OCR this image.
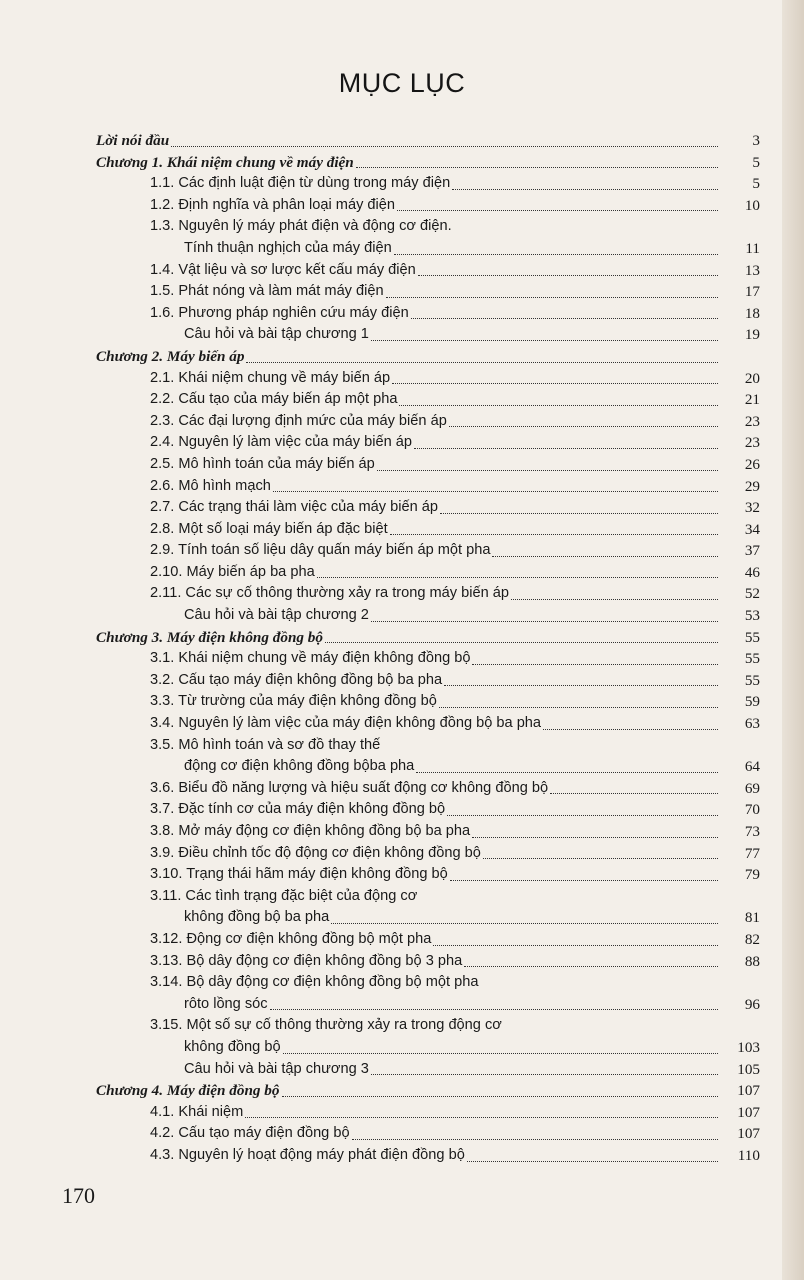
MỤC LỤC
Lời nói đầu	3
Chương 1. Khái niệm chung về máy điện	5
1.1. Các định luật điện từ dùng trong máy điện	5
1.2. Định nghĩa và phân loại máy điện	10
1.3. Nguyên lý máy phát điện và động cơ điện.
Tính thuận nghịch của máy điện	11
1.4. Vật liệu và sơ lược kết cấu máy điện	13
1.5. Phát nóng và làm mát máy điện	17
1.6. Phương pháp nghiên cứu máy điện	18
Câu hỏi và bài tập chương 1	19
Chương 2. Máy biến áp
2.1. Khái niệm chung về máy biến áp	20
2.2. Cấu tạo của máy biến áp một pha	21
2.3. Các đại lượng định mức của máy biến áp	23
2.4. Nguyên lý làm việc của máy biến áp	23
2.5. Mô hình toán của máy biến áp	26
2.6. Mô hình mạch	29
2.7. Các trạng thái làm việc của máy biến áp	32
2.8. Một số loại máy biến áp đặc biệt	34
2.9. Tính toán số liệu dây quấn máy biến áp một pha	37
2.10. Máy biến áp ba pha	46
2.11. Các sự cố thông thường xảy ra trong máy biến áp	52
Câu hỏi và bài tập chương 2	53
Chương 3. Máy điện không đồng bộ	55
3.1. Khái niệm chung về máy điện không đồng bộ	55
3.2. Cấu tạo máy điện không đồng bộ ba pha	55
3.3. Từ trường của máy điện không đồng bộ	59
3.4. Nguyên lý làm việc của máy điện không đồng bộ ba pha	63
3.5. Mô hình toán và sơ đồ thay thế
động cơ điện không đồng bộba pha	64
3.6. Biểu đồ năng lượng và hiệu suất động cơ không đồng bộ	69
3.7. Đặc tính cơ của máy điện không đồng bộ	70
3.8. Mở máy động cơ điện không đồng bộ ba pha	73
3.9. Điều chỉnh tốc độ động cơ điện không đồng bộ	77
3.10. Trạng thái hãm máy điện không đồng bộ	79
3.11. Các tình trạng đặc biệt của động cơ
không đồng bộ ba pha	81
3.12. Động cơ điện không đồng bộ một pha	82
3.13. Bộ dây động cơ điện không đồng bộ 3 pha	88
3.14. Bộ dây động cơ điện không đồng bộ một pha
rôto lồng sóc	96
3.15. Một số sự cố thông thường xảy ra trong động cơ
không đồng bộ	103
Câu hỏi và bài tập chương 3	105
Chương 4. Máy điện đồng bộ	107
4.1. Khái niệm	107
4.2. Cấu tạo máy điện đồng bộ	107
4.3. Nguyên lý hoạt động máy phát điện đồng bộ	110
170
